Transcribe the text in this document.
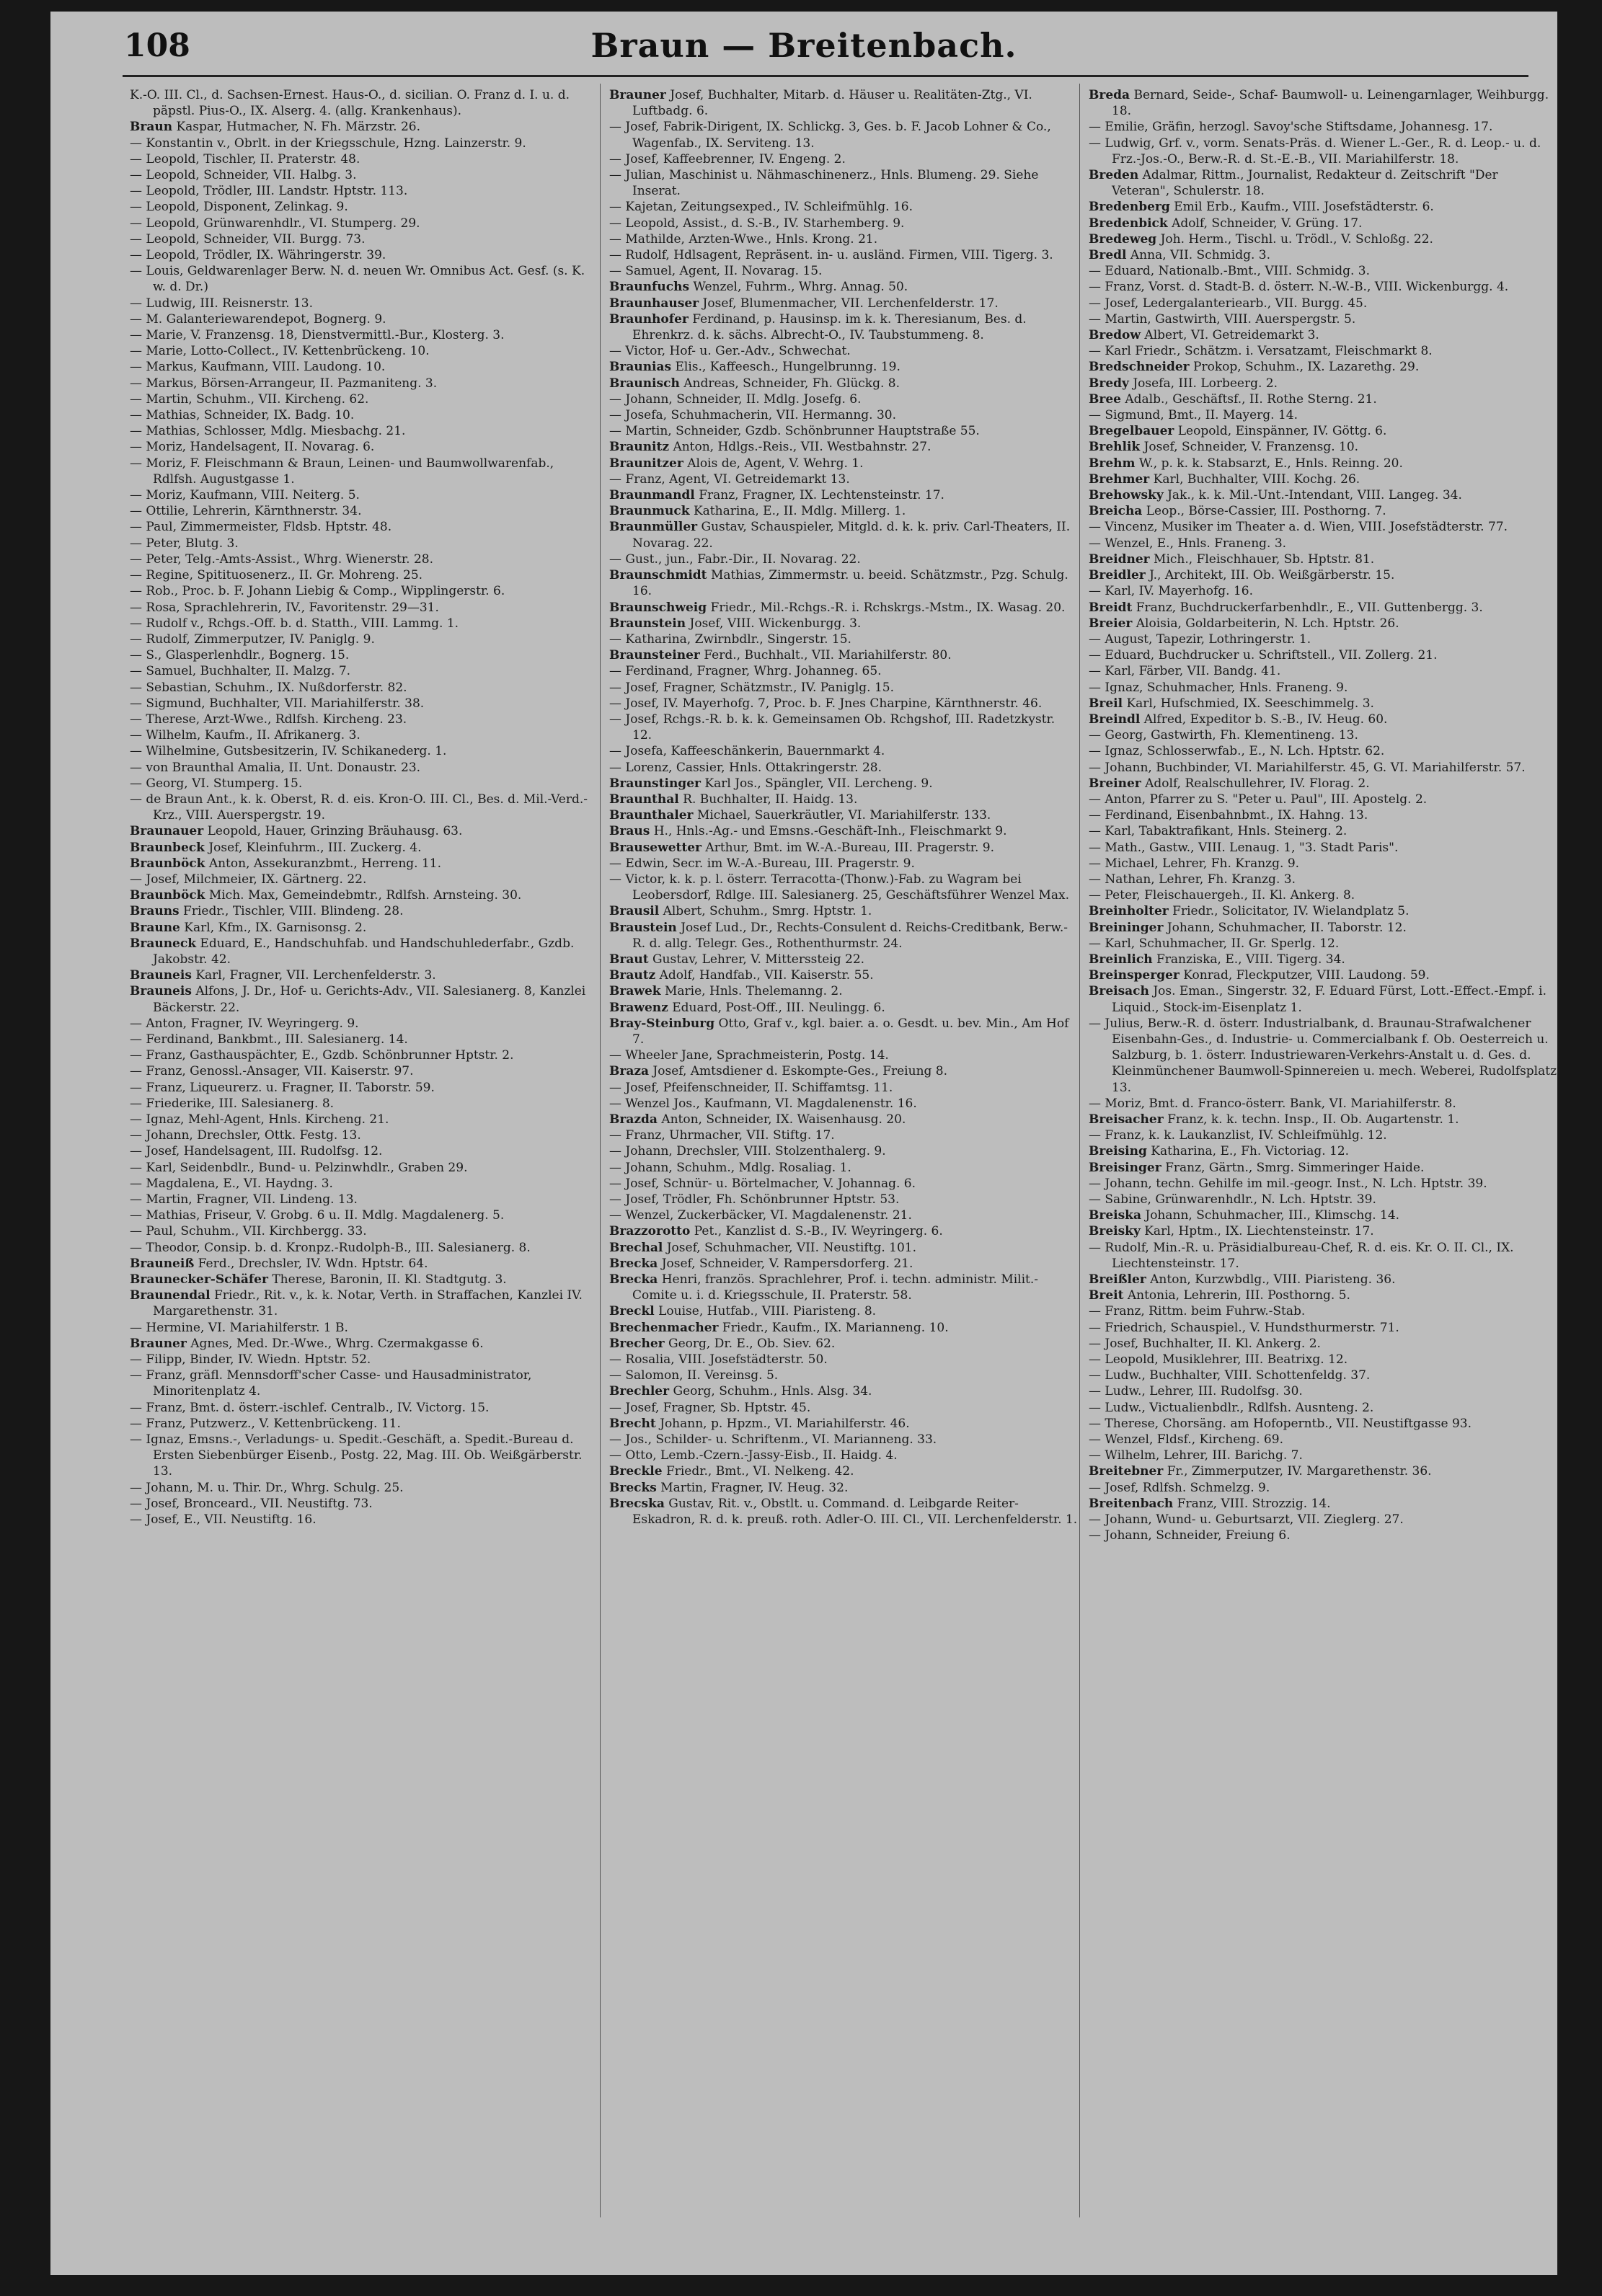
108	Braun — Breitenbach.

K.-O. III. Cl., d. Sachsen-Ernest. Haus-O., d. sicilian. O. Franz d. I. u. d. päpstl. Pius-O., IX. Alserg. 4. (allg. Krankenhaus).

Braun Kaspar, Hutmacher, N. Fh. Märzstr. 26.

— Konstantin v., Obrlt. in der Kriegsschule, Hzng. Lainzerstr. 9.

— Leopold, Tischler, II. Praterstr. 48.

— Leopold, Schneider, VII. Halbg. 3.

— Leopold, Trödler, III. Landstr. Hptstr. 113.

— Leopold, Disponent, Zelinkag. 9.

— Leopold, Grünwarenhdlr., VI. Stumperg. 29.

— Leopold, Schneider, VII. Burgg. 73.

— Leopold, Trödler, IX. Währingerstr. 39.

— Louis, Geldwarenlager Berw. N. d. neuen Wr. Omnibus Act. Gesf. (s. K. w. d. Dr.)

— Ludwig, III. Reisnerstr. 13.

— M. Galanteriewarendepot, Bognerg. 9.

— Marie, V. Franzensg. 18, Dienstvermittl.-Bur., Klosterg. 3.

— Marie, Lotto-Collect., IV. Kettenbrückeng. 10.

— Markus, Kaufmann, VIII. Laudong. 10.

— Markus, Börsen-Arrangeur, II. Pazmaniteng. 3.

— Martin, Schuhm., VII. Kircheng. 62.

— Mathias, Schneider, IX. Badg. 10.

— Mathias, Schlosser, Mdlg. Miesbachg. 21.

— Moriz, Handelsagent, II. Novarag. 6.

— Moriz, F. Fleischmann & Braun, Leinen- und Baumwollwarenfab., Rdlfsh. Augustgasse 1.

— Moriz, Kaufmann, VIII. Neiterg. 5.

— Ottilie, Lehrerin, Kärnthnerstr. 34.

— Paul, Zimmermeister, Fldsb. Hptstr. 48.

— Peter, Blutg. 3.

— Peter, Telg.-Amts-Assist., Whrg. Wienerstr. 28.

— Regine, Spitituosenerz., II. Gr. Mohreng. 25.

— Rob., Proc. b. F. Johann Liebig & Comp., Wipplingerstr. 6.

— Rosa, Sprachlehrerin, IV., Favoritenstr. 29—31.

— Rudolf v., Rchgs.-Off. b. d. Statth., VIII. Lammg. 1.

— Rudolf, Zimmerputzer, IV. Paniglg. 9.

— S., Glasperlenhdlr., Bognerg. 15.

— Samuel, Buchhalter, II. Malzg. 7.

— Sebastian, Schuhm., IX. Nußdorferstr. 82.

— Sigmund, Buchhalter, VII. Mariahilferstr. 38.

— Therese, Arzt-Wwe., Rdlfsh. Kircheng. 23.

— Wilhelm, Kaufm., II. Afrikanerg. 3.

— Wilhelmine, Gutsbesitzerin, IV. Schikanederg. 1.

— von Braunthal Amalia, II. Unt. Donaustr. 23.

— Georg, VI. Stumperg. 15.

— de Braun Ant., k. k. Oberst, R. d. eis. Kron-O. III. Cl., Bes. d. Mil.-Verd.-Krz., VIII. Auerspergstr. 19.

Braunauer Leopold, Hauer, Grinzing Bräuhausg. 63.

Braunbeck Josef, Kleinfuhrm., III. Zuckerg. 4.

Braunböck Anton, Assekuranzbmt., Herreng. 11.

— Josef, Milchmeier, IX. Gärtnerg. 22.

Braunböck Mich. Max, Gemeindebmtr., Rdlfsh. Arnsteing. 30.

Brauns Friedr., Tischler, VIII. Blindeng. 28.

Braune Karl, Kfm., IX. Garnisonsg. 2.

Brauneck Eduard, E., Handschuhfab. und Handschuhlederfabr., Gzdb. Jakobstr. 42.

Brauneis Karl, Fragner, VII. Lerchenfelderstr. 3.

Brauneis Alfons, J. Dr., Hof- u. Gerichts-Adv., VII. Salesianerg. 8, Kanzlei Bäckerstr. 22.

— Anton, Fragner, IV. Weyringerg. 9.

— Ferdinand, Bankbmt., III. Salesianerg. 14.

— Franz, Gasthauspächter, E., Gzdb. Schönbrunner Hptstr. 2.

— Franz, Genossl.-Ansager, VII. Kaiserstr. 97.

— Franz, Liqueurerz. u. Fragner, II. Taborstr. 59.

— Friederike, III. Salesianerg. 8.

— Ignaz, Mehl-Agent, Hnls. Kircheng. 21.

— Johann, Drechsler, Ottk. Festg. 13.

— Josef, Handelsagent, III. Rudolfsg. 12.

— Karl, Seidenbdlr., Bund- u. Pelzinwhdlr., Graben 29.

— Magdalena, E., VI. Haydng. 3.

— Martin, Fragner, VII. Lindeng. 13.

— Mathias, Friseur, V. Grobg. 6 u. II. Mdlg. Magdalenerg. 5.

— Paul, Schuhm., VII. Kirchbergg. 33.

— Theodor, Consip. b. d. Kronpz.-Rudolph-B., III. Salesianerg. 8.

Brauneiß Ferd., Drechsler, IV. Wdn. Hptstr. 64.

Braunecker-Schäfer Therese, Baronin, II. Kl. Stadtgutg. 3.

Braunendal Friedr., Rit. v., k. k. Notar, Verth. in Straffachen, Kanzlei IV. Margarethenstr. 31.

— Hermine, VI. Mariahilferstr. 1 B.

Brauner Agnes, Med. Dr.-Wwe., Whrg. Czermakgasse 6.

— Filipp, Binder, IV. Wiedn. Hptstr. 52.

— Franz, gräfl. Mennsdorff'scher Casse- und Hausadministrator, Minoritenplatz 4.

— Franz, Bmt. d. österr.-ischlef. Centralb., IV. Victorg. 15.

— Franz, Putzwerz., V. Kettenbrückeng. 11.

— Ignaz, Emsns.-, Verladungs- u. Spedit.-Geschäft, a. Spedit.-Bureau d. Ersten Siebenbürger Eisenb., Postg. 22, Mag. III. Ob. Weißgärberstr. 13.

— Johann, M. u. Thir. Dr., Whrg. Schulg. 25.

— Josef, Bronceard., VII. Neustiftg. 73.

— Josef, E., VII. Neustiftg. 16.

Brauner Josef, Buchhalter, Mitarb. d. Häuser u. Realitäten-Ztg., VI. Luftbadg. 6.

— Josef, Fabrik-Dirigent, IX. Schlickg. 3, Ges. b. F. Jacob Lohner & Co., Wagenfab., IX. Serviteng. 13.

— Josef, Kaffeebrenner, IV. Engeng. 2.

— Julian, Maschinist u. Nähmaschinenerz., Hnls. Blumeng. 29. Siehe Inserat.

— Kajetan, Zeitungsexped., IV. Schleifmühlg. 16.

— Leopold, Assist., d. S.-B., IV. Starhemberg. 9.

— Mathilde, Arzten-Wwe., Hnls. Krong. 21.

— Rudolf, Hdlsagent, Repräsent. in- u. ausländ. Firmen, VIII. Tigerg. 3.

— Samuel, Agent, II. Novarag. 15.

Braunfuchs Wenzel, Fuhrm., Whrg. Annag. 50.

Braunhauser Josef, Blumenmacher, VII. Lerchenfelderstr. 17.

Braunhofer Ferdinand, p. Hausinsp. im k. k. Theresianum, Bes. d. Ehrenkrz. d. k. sächs. Albrecht-O., IV. Taubstummeng. 8.

— Victor, Hof- u. Ger.-Adv., Schwechat.

Braunias Elis., Kaffeesch., Hungelbrunng. 19.

Braunisch Andreas, Schneider, Fh. Glückg. 8.

— Johann, Schneider, II. Mdlg. Josefg. 6.

— Josefa, Schuhmacherin, VII. Hermanng. 30.

— Martin, Schneider, Gzdb. Schönbrunner Hauptstraße 55.

Braunitz Anton, Hdlgs.-Reis., VII. Westbahnstr. 27.

Braunitzer Alois de, Agent, V. Wehrg. 1.

— Franz, Agent, VI. Getreidemarkt 13.

Braunmandl Franz, Fragner, IX. Lechtensteinstr. 17.

Braunmuck Katharina, E., II. Mdlg. Millerg. 1.

Braunmüller Gustav, Schauspieler, Mitgld. d. k. k. priv. Carl-Theaters, II. Novarag. 22.

— Gust., jun., Fabr.-Dir., II. Novarag. 22.

Braunschmidt Mathias, Zimmermstr. u. beeid. Schätzmstr., Pzg. Schulg. 16.

Braunschweig Friedr., Mil.-Rchgs.-R. i. Rchskrgs.-Mstm., IX. Wasag. 20.

Braunstein Josef, VIII. Wickenburgg. 3.

— Katharina, Zwirnbdlr., Singerstr. 15.

Braunsteiner Ferd., Buchhalt., VII. Mariahilferstr. 80.

— Ferdinand, Fragner, Whrg. Johanneg. 65.

— Josef, Fragner, Schätzmstr., IV. Paniglg. 15.

— Josef, IV. Mayerhofg. 7, Proc. b. F. Jnes Charpine, Kärnthnerstr. 46.

— Josef, Rchgs.-R. b. k. k. Gemeinsamen Ob. Rchgshof, III. Radetzkystr. 12.

— Josefa, Kaffeeschänkerin, Bauernmarkt 4.

— Lorenz, Cassier, Hnls. Ottakringerstr. 28.

Braunstinger Karl Jos., Spängler, VII. Lercheng. 9.

Braunthal R. Buchhalter, II. Haidg. 13.

Braunthaler Michael, Sauerkräutler, VI. Mariahilferstr. 133.

Braus H., Hnls.-Ag.- und Emsns.-Geschäft-Inh., Fleischmarkt 9.

Brausewetter Arthur, Bmt. im W.-A.-Bureau, III. Pragerstr. 9.

— Edwin, Secr. im W.-A.-Bureau, III. Pragerstr. 9.

— Victor, k. k. p. l. österr. Terracotta-(Thonw.)-Fab. zu Wagram bei Leobersdorf, Rdlge. III. Salesianerg. 25, Geschäftsführer Wenzel Max.

Brausil Albert, Schuhm., Smrg. Hptstr. 1.

Braustein Josef Lud., Dr., Rechts-Consulent d. Reichs-Creditbank, Berw.-R. d. allg. Telegr. Ges., Rothenthurmstr. 24.

Braut Gustav, Lehrer, V. Mitterssteig 22.

Brautz Adolf, Handfab., VII. Kaiserstr. 55.

Brawek Marie, Hnls. Thelemanng. 2.

Brawenz Eduard, Post-Off., III. Neulingg. 6.

Bray-Steinburg Otto, Graf v., kgl. baier. a. o. Gesdt. u. bev. Min., Am Hof 7.

— Wheeler Jane, Sprachmeisterin, Postg. 14.

Braza Josef, Amtsdiener d. Eskompte-Ges., Freiung 8.

— Josef, Pfeifenschneider, II. Schiffamtsg. 11.

— Wenzel Jos., Kaufmann, VI. Magdalenenstr. 16.

Brazda Anton, Schneider, IX. Waisenhausg. 20.

— Franz, Uhrmacher, VII. Stiftg. 17.

— Johann, Drechsler, VIII. Stolzenthalerg. 9.

— Johann, Schuhm., Mdlg. Rosaliag. 1.

— Josef, Schnür- u. Börtelmacher, V. Johannag. 6.

— Josef, Trödler, Fh. Schönbrunner Hptstr. 53.

— Wenzel, Zuckerbäcker, VI. Magdalenenstr. 21.

Brazzorotto Pet., Kanzlist d. S.-B., IV. Weyringerg. 6.

Brechal Josef, Schuhmacher, VII. Neustiftg. 101.

Brecka Josef, Schneider, V. Rampersdorferg. 21.

Brecka Henri, französ. Sprachlehrer, Prof. i. techn. administr. Milit.-Comite u. i. d. Kriegsschule, II. Praterstr. 58.

Breckl Louise, Hutfab., VIII. Piaristeng. 8.

Brechenmacher Friedr., Kaufm., IX. Marianneng. 10.

Brecher Georg, Dr. E., Ob. Siev. 62.

— Rosalia, VIII. Josefstädterstr. 50.

— Salomon, II. Vereinsg. 5.

Brechler Georg, Schuhm., Hnls. Alsg. 34.

— Josef, Fragner, Sb. Hptstr. 45.

Brecht Johann, p. Hpzm., VI. Mariahilferstr. 46.

— Jos., Schilder- u. Schriftenm., VI. Marianneng. 33.

— Otto, Lemb.-Czern.-Jassy-Eisb., II. Haidg. 4.

Breckle Friedr., Bmt., VI. Nelkeng. 42.

Brecks Martin, Fragner, IV. Heug. 32.

Brecska Gustav, Rit. v., Obstlt. u. Command. d. Leibgarde Reiter-Eskadron, R. d. k. preuß. roth. Adler-O. III. Cl., VII. Lerchenfelderstr. 1.

Breda Bernard, Seide-, Schaf- Baumwoll- u. Leinengarnlager, Weihburgg. 18.

— Emilie, Gräfin, herzogl. Savoy'sche Stiftsdame, Johannesg. 17.

— Ludwig, Grf. v., vorm. Senats-Präs. d. Wiener L.-Ger., R. d. Leop.- u. d. Frz.-Jos.-O., Berw.-R. d. St.-E.-B., VII. Mariahilferstr. 18.

Breden Adalmar, Rittm., Journalist, Redakteur d. Zeitschrift "Der Veteran", Schulerstr. 18.

Bredenberg Emil Erb., Kaufm., VIII. Josefstädterstr. 6.

Bredenbick Adolf, Schneider, V. Grüng. 17.

Bredeweg Joh. Herm., Tischl. u. Trödl., V. Schloßg. 22.

Bredl Anna, VII. Schmidg. 3.

— Eduard, Nationalb.-Bmt., VIII. Schmidg. 3.

— Franz, Vorst. d. Stadt-B. d. österr. N.-W.-B., VIII. Wickenburgg. 4.

— Josef, Ledergalanteriearb., VII. Burgg. 45.

— Martin, Gastwirth, VIII. Auerspergstr. 5.

Bredow Albert, VI. Getreidemarkt 3.

— Karl Friedr., Schätzm. i. Versatzamt, Fleischmarkt 8.

Bredschneider Prokop, Schuhm., IX. Lazarethg. 29.

Bredy Josefa, III. Lorbeerg. 2.

Bree Adalb., Geschäftsf., II. Rothe Sterng. 21.

— Sigmund, Bmt., II. Mayerg. 14.

Bregelbauer Leopold, Einspänner, IV. Göttg. 6.

Brehlik Josef, Schneider, V. Franzensg. 10.

Brehm W., p. k. k. Stabsarzt, E., Hnls. Reinng. 20.

Brehmer Karl, Buchhalter, VIII. Kochg. 26.

Brehowsky Jak., k. k. Mil.-Unt.-Intendant, VIII. Langeg. 34.

Breicha Leop., Börse-Cassier, III. Posthorng. 7.

— Vincenz, Musiker im Theater a. d. Wien, VIII. Josefstädterstr. 77.

— Wenzel, E., Hnls. Franeng. 3.

Breidner Mich., Fleischhauer, Sb. Hptstr. 81.

Breidler J., Architekt, III. Ob. Weißgärberstr. 15.

— Karl, IV. Mayerhofg. 16.

Breidt Franz, Buchdruckerfarbenhdlr., E., VII. Guttenbergg. 3.

Breier Aloisia, Goldarbeiterin, N. Lch. Hptstr. 26.

— August, Tapezir, Lothringerstr. 1.

— Eduard, Buchdrucker u. Schriftstell., VII. Zollerg. 21.

— Karl, Färber, VII. Bandg. 41.

— Ignaz, Schuhmacher, Hnls. Franeng. 9.

Breil Karl, Hufschmied, IX. Seeschimmelg. 3.

Breindl Alfred, Expeditor b. S.-B., IV. Heug. 60.

— Georg, Gastwirth, Fh. Klementineng. 13.

— Ignaz, Schlosserwfab., E., N. Lch. Hptstr. 62.

— Johann, Buchbinder, VI. Mariahilferstr. 45, G. VI. Mariahilferstr. 57.

Breiner Adolf, Realschullehrer, IV. Florag. 2.

— Anton, Pfarrer zu S. "Peter u. Paul", III. Apostelg. 2.

— Ferdinand, Eisenbahnbmt., IX. Hahng. 13.

— Karl, Tabaktrafikant, Hnls. Steinerg. 2.

— Math., Gastw., VIII. Lenaug. 1, "3. Stadt Paris".

— Michael, Lehrer, Fh. Kranzg. 9.

— Nathan, Lehrer, Fh. Kranzg. 3.

— Peter, Fleischauergeh., II. Kl. Ankerg. 8.

Breinholter Friedr., Solicitator, IV. Wielandplatz 5.

Breininger Johann, Schuhmacher, II. Taborstr. 12.

— Karl, Schuhmacher, II. Gr. Sperlg. 12.

Breinlich Franziska, E., VIII. Tigerg. 34.

Breinsperger Konrad, Fleckputzer, VIII. Laudong. 59.

Breisach Jos. Eman., Singerstr. 32, F. Eduard Fürst, Lott.-Effect.-Empf. i. Liquid., Stock-im-Eisenplatz 1.

— Julius, Berw.-R. d. österr. Industrialbank, d. Braunau-Strafwalchener Eisenbahn-Ges., d. Industrie- u. Commercialbank f. Ob. Oesterreich u. Salzburg, b. 1. österr. Industriewaren-Verkehrs-Anstalt u. d. Ges. d. Kleinmünchener Baumwoll-Spinnereien u. mech. Weberei, Rudolfsplatz 13.

— Moriz, Bmt. d. Franco-österr. Bank, VI. Mariahilferstr. 8.

Breisacher Franz, k. k. techn. Insp., II. Ob. Augartenstr. 1.

— Franz, k. k. Laukanzlist, IV. Schleifmühlg. 12.

Breising Katharina, E., Fh. Victoriag. 12.

Breisinger Franz, Gärtn., Smrg. Simmeringer Haide.

— Johann, techn. Gehilfe im mil.-geogr. Inst., N. Lch. Hptstr. 39.

— Sabine, Grünwarenhdlr., N. Lch. Hptstr. 39.

Breiska Johann, Schuhmacher, III., Klimschg. 14.

Breisky Karl, Hptm., IX. Liechtensteinstr. 17.

— Rudolf, Min.-R. u. Präsidialbureau-Chef, R. d. eis. Kr. O. II. Cl., IX. Liechtensteinstr. 17.

Breißler Anton, Kurzwbdlg., VIII. Piaristeng. 36.

Breit Antonia, Lehrerin, III. Posthorng. 5.

— Franz, Rittm. beim Fuhrw.-Stab.

— Friedrich, Schauspiel., V. Hundsthurmerstr. 71.

— Josef, Buchhalter, II. Kl. Ankerg. 2.

— Leopold, Musiklehrer, III. Beatrixg. 12.

— Ludw., Buchhalter, VIII. Schottenfeldg. 37.

— Ludw., Lehrer, III. Rudolfsg. 30.

— Ludw., Victualienbdlr., Rdlfsh. Ausnteng. 2.

— Therese, Chorsäng. am Hofoperntb., VII. Neustiftgasse 93.

— Wenzel, Fldsf., Kircheng. 69.

— Wilhelm, Lehrer, III. Barichg. 7.

Breitebner Fr., Zimmerputzer, IV. Margarethenstr. 36.

— Josef, Rdlfsh. Schmelzg. 9.

Breitenbach Franz, VIII. Strozzig. 14.

— Johann, Wund- u. Geburtsarzt, VII. Zieglerg. 27.

— Johann, Schneider, Freiung 6.
